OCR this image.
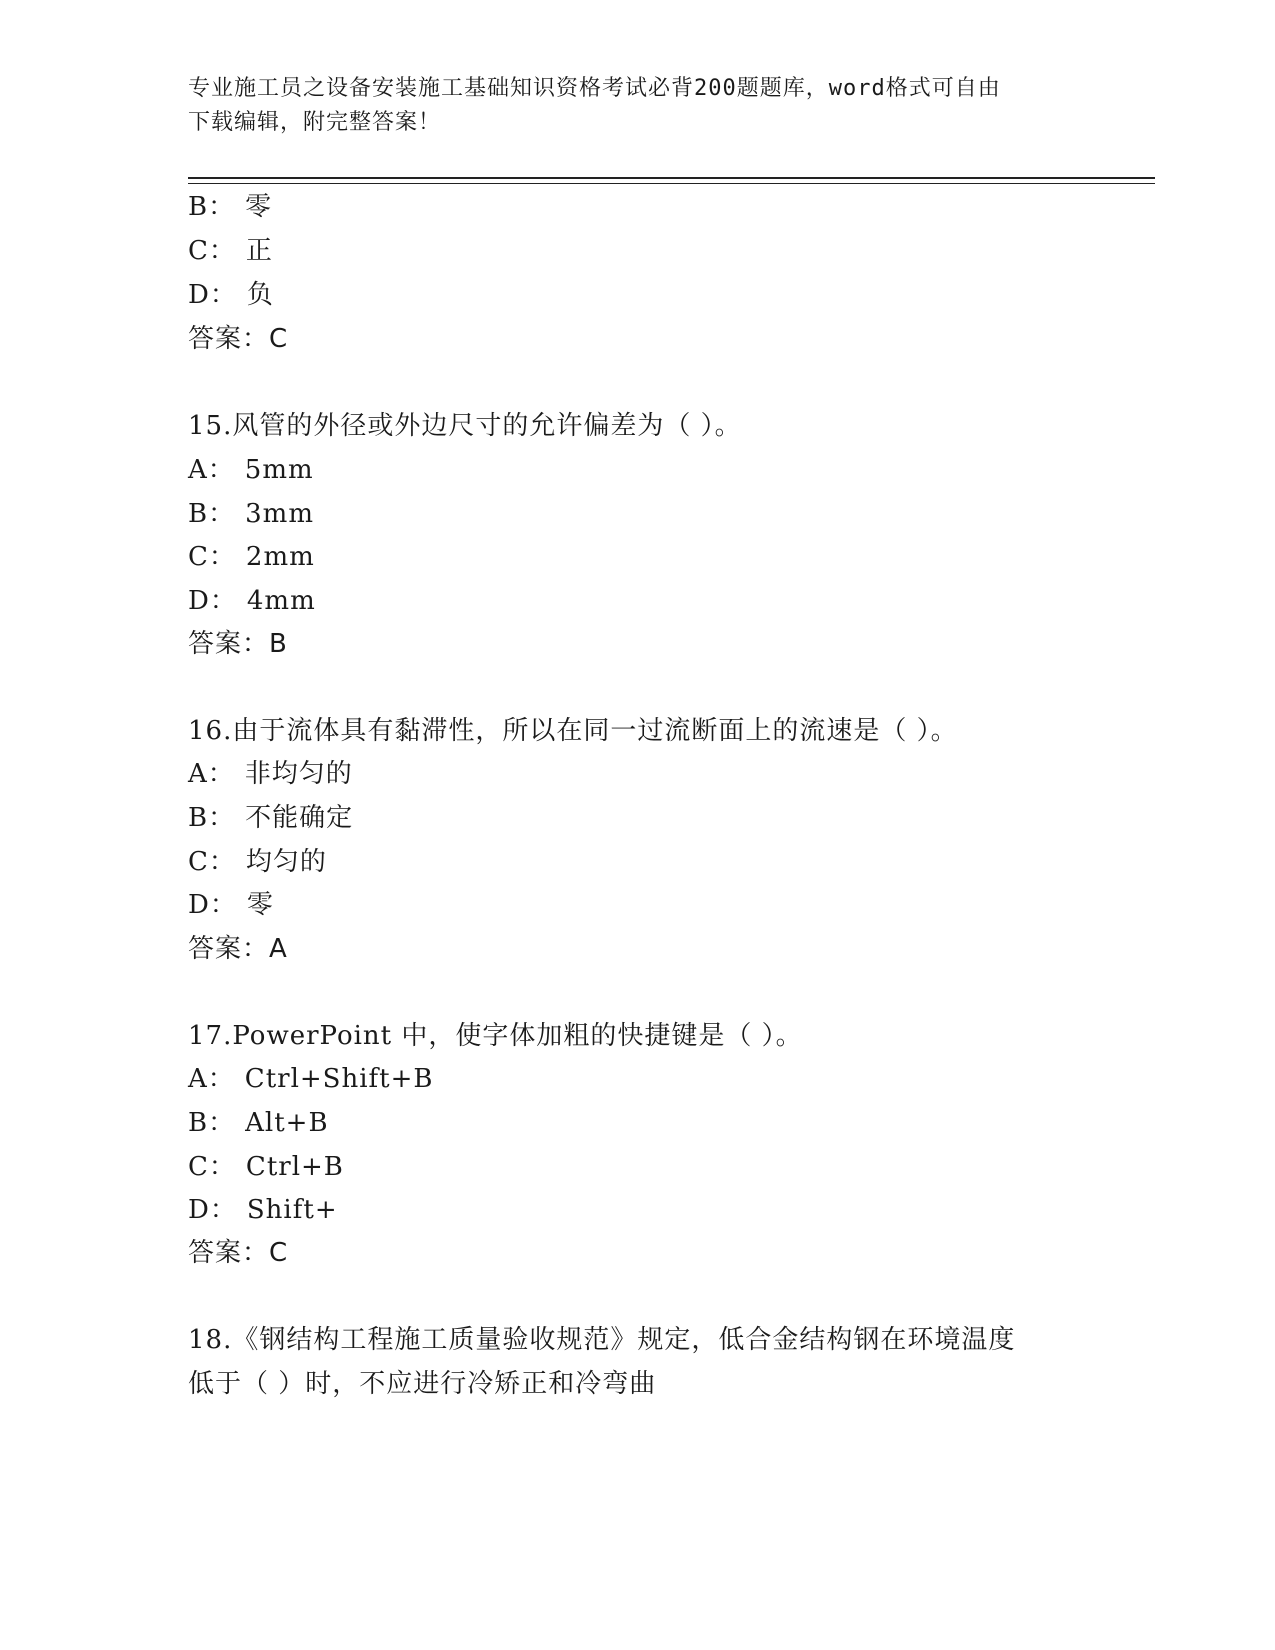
专业施工员之设备安装施工基础知识资格考试必背200题题库，word格式可自由
下载编辑，附完整答案！
B： 零
C： 正
D： 负
答案：C
15.风管的外径或外边尺寸的允许偏差为（ ）。
A： 5mm
B： 3mm
C： 2mm
D： 4mm
答案：B
16.由于流体具有黏滞性，所以在同一过流断面上的流速是（ ）。
A： 非均匀的
B： 不能确定
C： 均匀的
D： 零
答案：A
17.PowerPoint 中，使字体加粗的快捷键是（ ）。
A： Ctrl+Shift+B
B： Alt+B
C： Ctrl+B
D： Shift+
答案：C
18.《钢结构工程施工质量验收规范》规定，低合金结构钢在环境温度
低于（ ）时，不应进行冷矫正和冷弯曲
